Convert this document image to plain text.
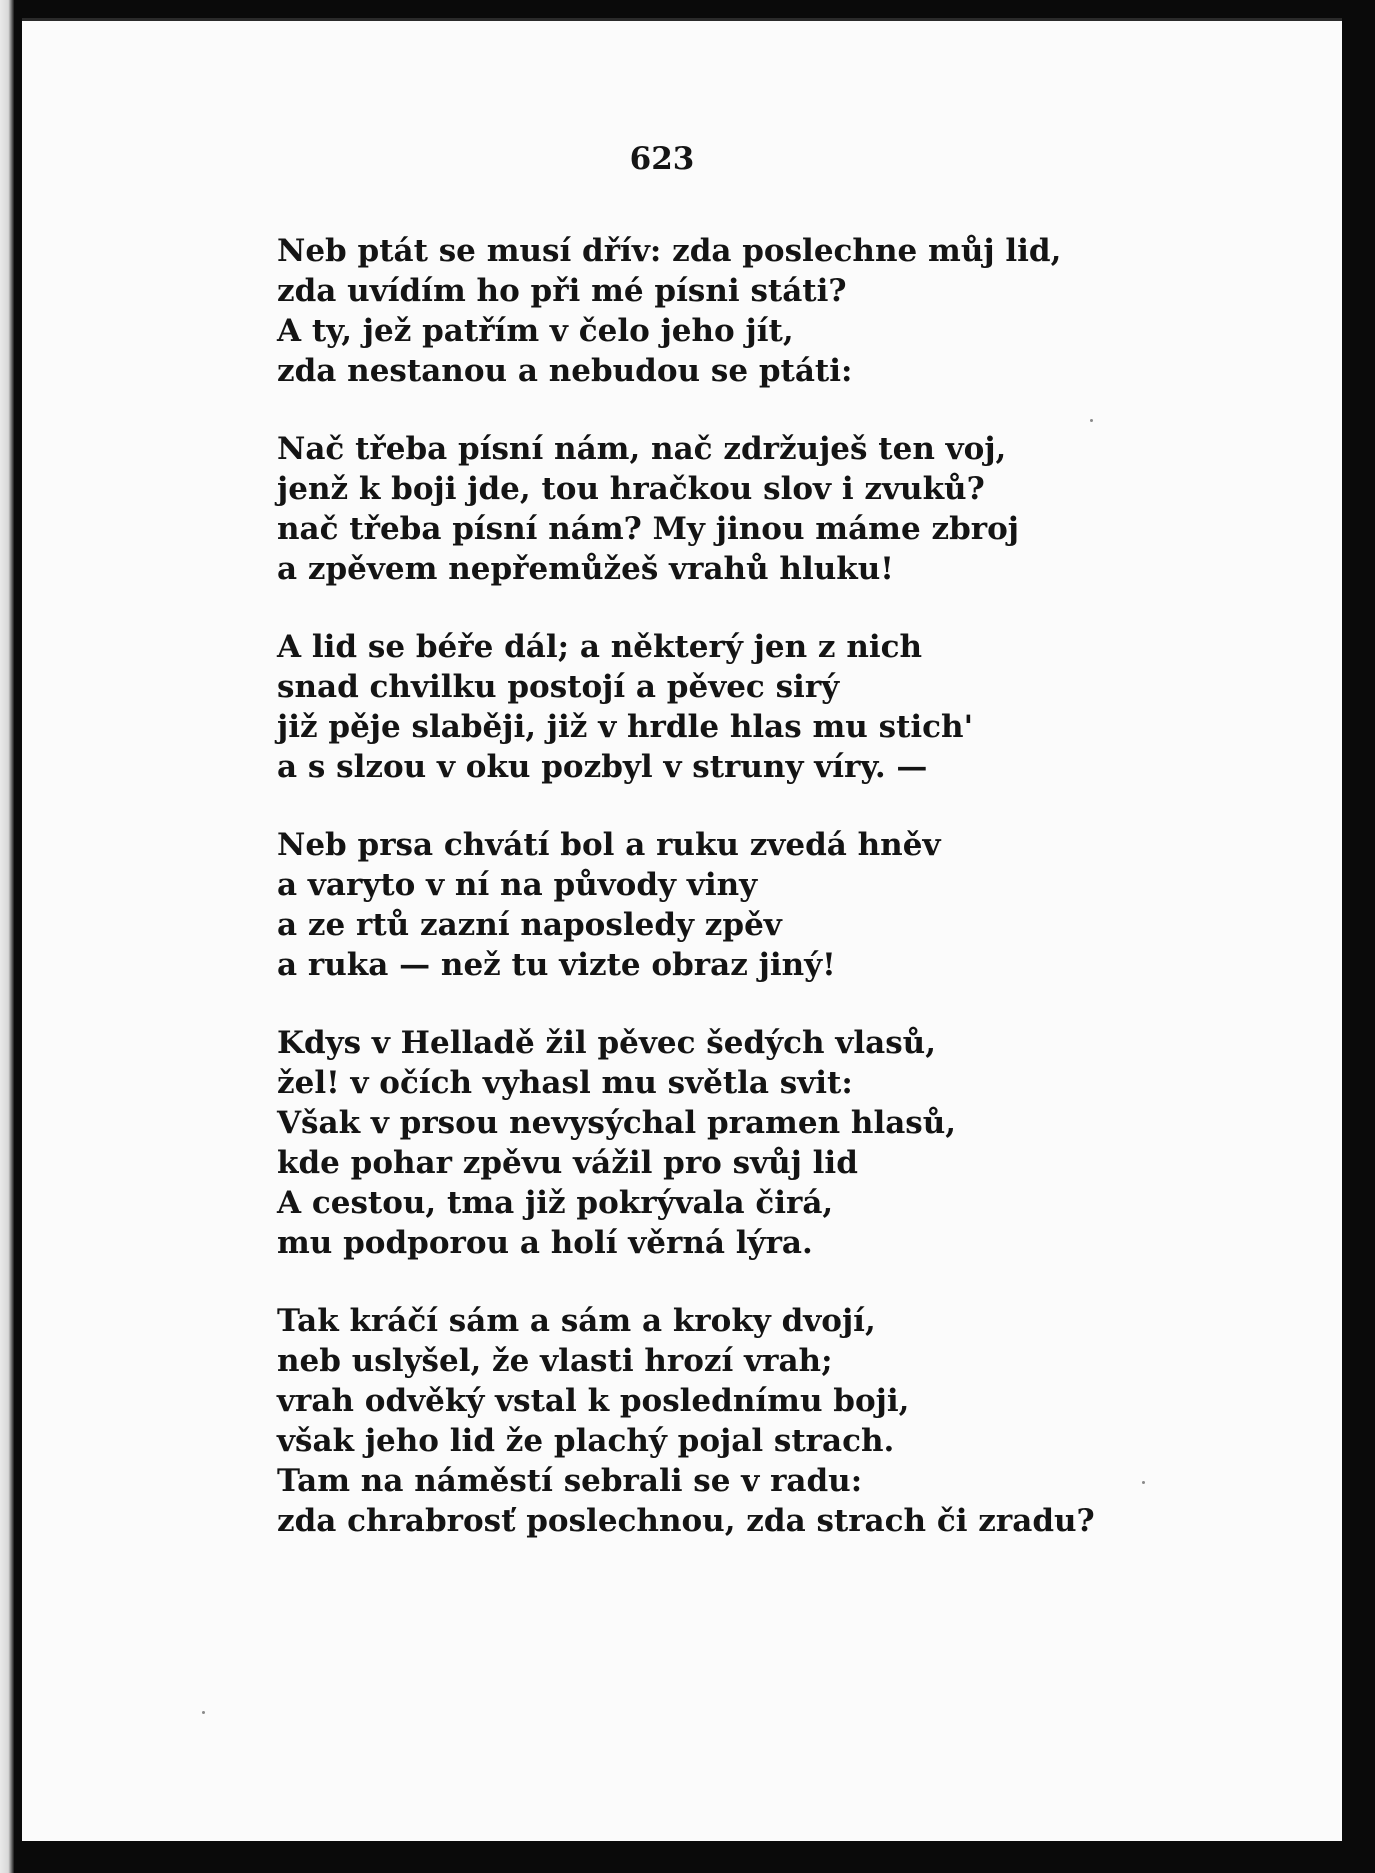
623
Neb ptát se musí dřív: zda poslechne můj lid,
zda uvídím ho při mé písni státi?
A ty, jež patřím v čelo jeho jít,
zda nestanou a nebudou se ptáti:
Nač třeba písní nám, nač zdržuješ ten voj,
jenž k boji jde, tou hračkou slov i zvuků?
nač třeba písní nám? My jinou máme zbroj
a zpěvem nepřemůžeš vrahů hluku!
A lid se béře dál; a některý jen z nich
snad chvilku postojí a pěvec sirý
již pěje slaběji, již v hrdle hlas mu stich'
a s slzou v oku pozbyl v struny víry. —
Neb prsa chvátí bol a ruku zvedá hněv
a varyto v ní na původy viny
a ze rtů zazní naposledy zpěv
a ruka — než tu vizte obraz jiný!
Kdys v Helladě žil pěvec šedých vlasů,
žel! v očích vyhasl mu světla svit:
Však v prsou nevysýchal pramen hlasů,
kde pohar zpěvu vážil pro svůj lid
A cestou, tma již pokrývala čirá,
mu podporou a holí věrná lýra.
Tak kráčí sám a sám a kroky dvojí,
neb uslyšel, že vlasti hrozí vrah;
vrah odvěký vstal k poslednímu boji,
však jeho lid že plachý pojal strach.
Tam na náměstí sebrali se v radu:
zda chrabrosť poslechnou, zda strach či zradu?
